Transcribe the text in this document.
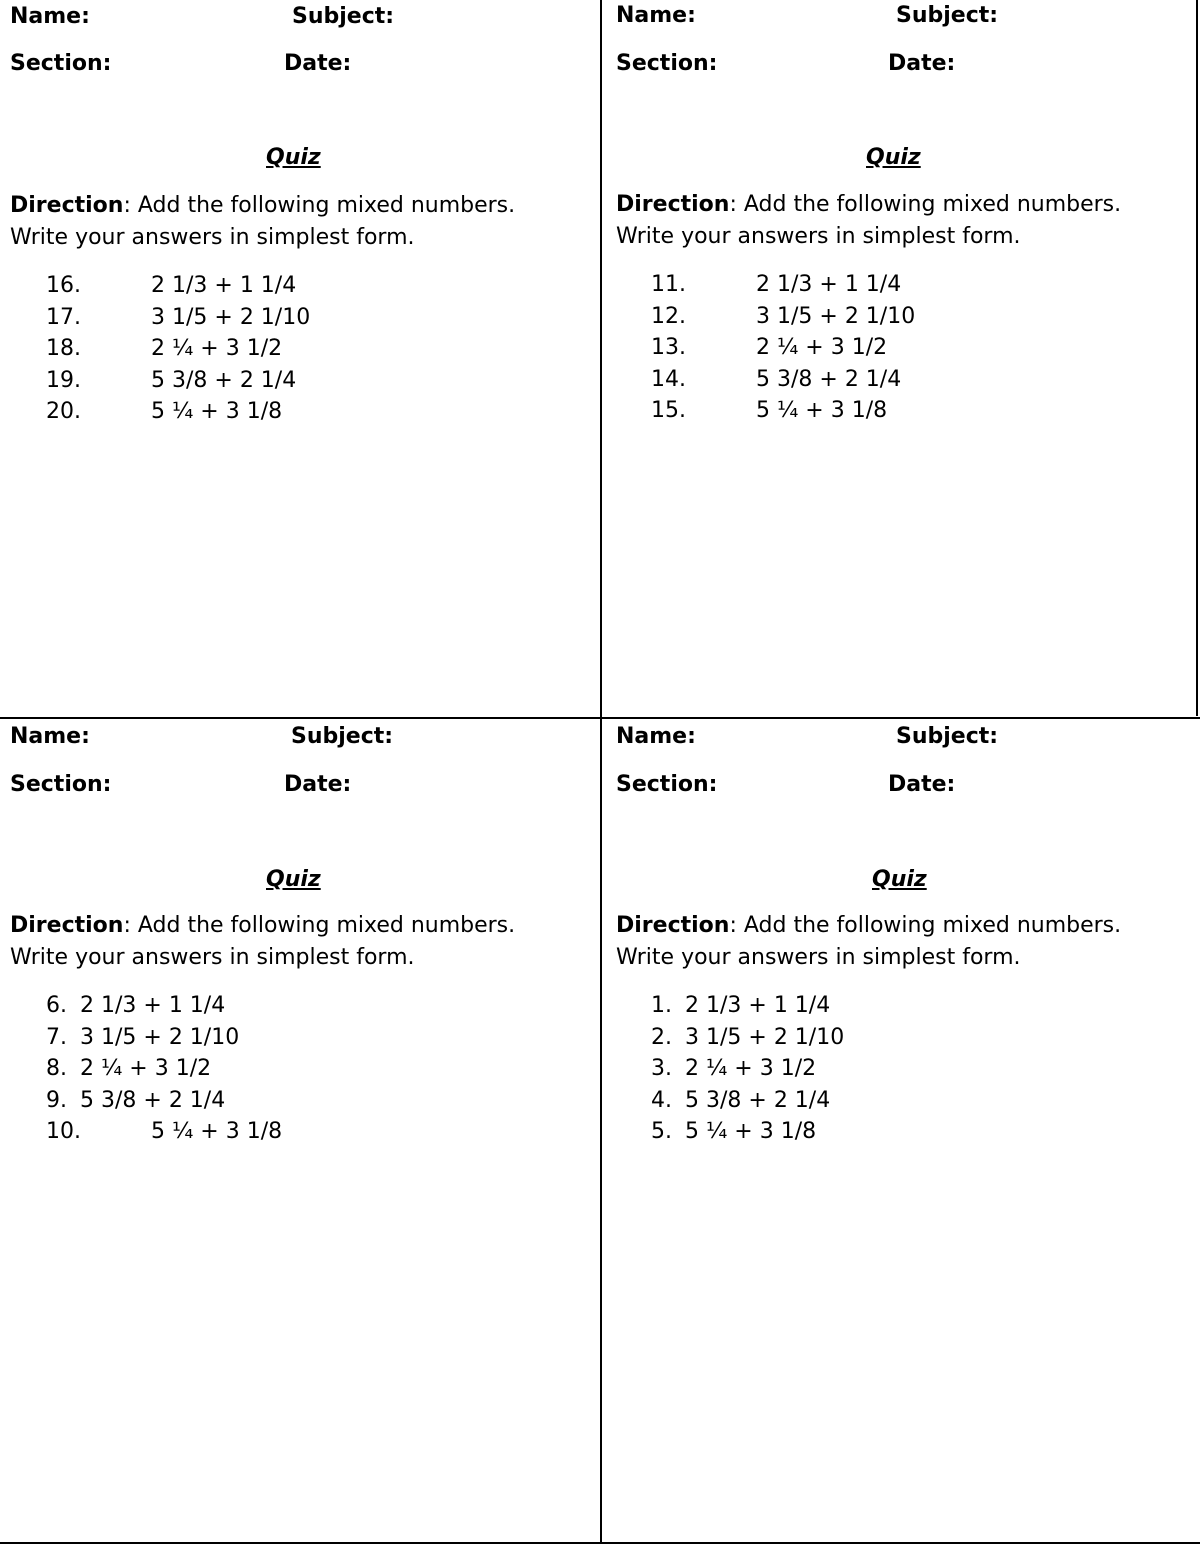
Name:	Subject:
Section:	Date:
Quiz
Direction: Add the following mixed numbers.
Write your answers in simplest form.
16.	2 1/3 + 1 1/4
17.	3 1/5 + 2 1/10
18.	2 ¼ + 3 1/2
19.	5 3/8 + 2 1/4
20.	5 ¼ + 3 1/8
Name:	Subject:
Section:	Date:
Quiz
Direction: Add the following mixed numbers.
Write your answers in simplest form.
11.	2 1/3 + 1 1/4
12.	3 1/5 + 2 1/10
13.	2 ¼ + 3 1/2
14.	5 3/8 + 2 1/4
15.	5 ¼ + 3 1/8
Name:	Subject:
Section:	Date:
Quiz
Direction: Add the following mixed numbers.
Write your answers in simplest form.
6. 2 1/3 + 1 1/4
7. 3 1/5 + 2 1/10
8. 2 ¼ + 3 1/2
9. 5 3/8 + 2 1/4
10.	5 ¼ + 3 1/8
Name:	Subject:
Section:	Date:
Quiz
Direction: Add the following mixed numbers.
Write your answers in simplest form.
1. 2 1/3 + 1 1/4
2. 3 1/5 + 2 1/10
3. 2 ¼ + 3 1/2
4. 5 3/8 + 2 1/4
5. 5 ¼ + 3 1/8
